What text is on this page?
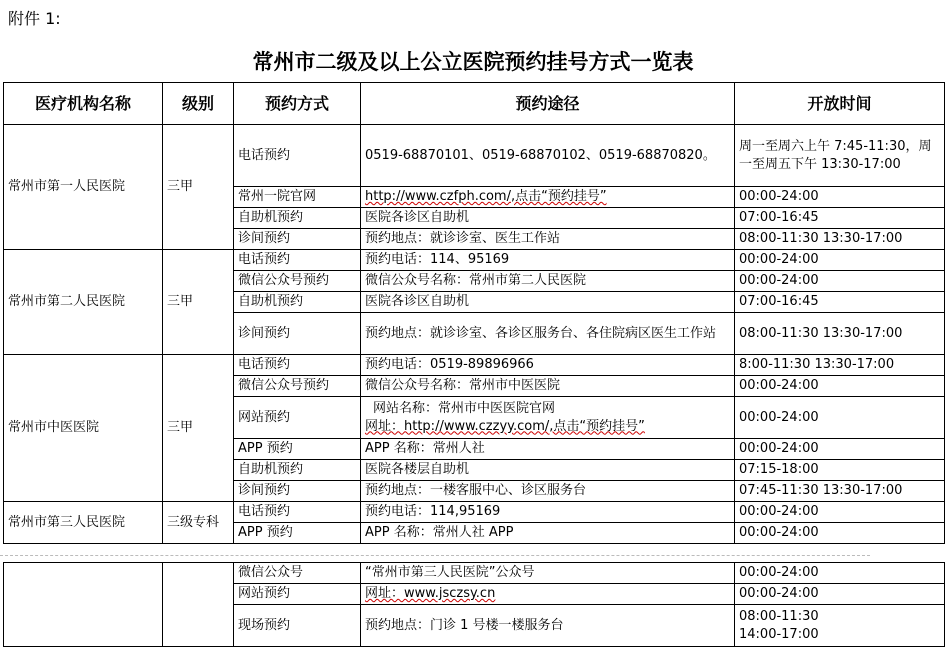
附件 1:
常州市二级及以上公立医院预约挂号方式一览表
医疗机构名称	级别	预约方式	预约途径	开放时间
常州市第一人民医院	三甲	电话预约	0519-68870101、0519-68870102、0519-68870820。	周一至周六上午 7:45-11:30，周一至周五下午 13:30-17:00
		常州一院官网	http://www.czfph.com/,点击“预约挂号”	00:00-24:00
		自助机预约	医院各诊区自助机	07:00-16:45
		诊间预约	预约地点：就诊诊室、医生工作站	08:00-11:30 13:30-17:00
常州市第二人民医院	三甲	电话预约	预约电话：114、95169	00:00-24:00
		微信公众号预约	微信公众号名称：常州市第二人民医院	00:00-24:00
		自助机预约	医院各诊区自助机	07:00-16:45
		诊间预约	预约地点：就诊诊室、各诊区服务台、各住院病区医生工作站	08:00-11:30 13:30-17:00
常州市中医医院	三甲	电话预约	预约电话：0519-89896966	8:00-11:30 13:30-17:00
		微信公众号预约	微信公众号名称：常州市中医医院	00:00-24:00
		网站预约	网站名称：常州市中医医院官网
网址：http://www.czzyy.com/,点击“预约挂号”	00:00-24:00
		APP 预约	APP 名称：常州人社	00:00-24:00
		自助机预约	医院各楼层自助机	07:15-18:00
		诊间预约	预约地点：一楼客服中心、诊区服务台	07:45-11:30 13:30-17:00
常州市第三人民医院	三级专科	电话预约	预约电话：114,95169	00:00-24:00
		APP 预约	APP 名称：常州人社 APP	00:00-24:00
		微信公众号	“常州市第三人民医院”公众号	00:00-24:00
		网站预约	网址：www.jsczsy.cn	00:00-24:00
		现场预约	预约地点：门诊 1 号楼一楼服务台	08:00-11:30
14:00-17:00
